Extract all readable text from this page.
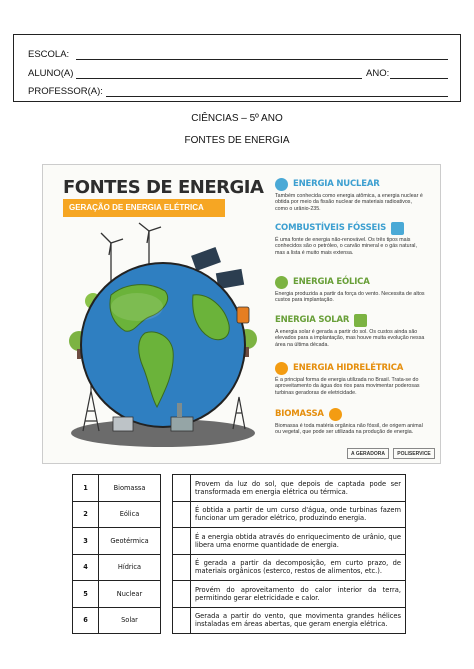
ESCOLA:
ALUNO(A)	ANO:
PROFESSOR(A):
CIÊNCIAS – 5º ANO
FONTES DE ENERGIA
FONTES DE ENERGIA
GERAÇÃO DE ENERGIA ELÉTRICA
ENERGIA NUCLEAR
Também conhecida como energia atômica, a energia nuclear é obtida por meio da fissão nuclear de materiais radioativos, como o urânio-235.
COMBUSTÍVEIS FÓSSEIS
É uma fonte de energia não-renovável. Os três tipos mais conhecidos são o petróleo, o carvão mineral e o gás natural, mas a lista é muito mais extensa.
ENERGIA EÓLICA
Energia produzida a partir da força do vento. Necessita de altos custos para implantação.
ENERGIA SOLAR
A energia solar é gerada a partir do sol. Os custos ainda são elevados para a implantação, mas houve muita evolução nessa área na última década.
ENERGIA HIDRELÉTRICA
É a principal forma de energia utilizada no Brasil. Trata-se do aproveitamento da água dos rios para movimentar poderosas turbinas geradoras de eletricidade.
BIOMASSA
Biomassa é toda matéria orgânica não fóssil, de origem animal ou vegetal, que pode ser utilizada na produção de energia.
A GERADORA	POLISERVICE
1	Biomassa			Provem da luz do sol, que depois de captada pode ser transformada em energia elétrica ou térmica.
2	Eólica			É obtida a partir de um curso d'água, onde turbinas fazem funcionar um gerador elétrico, produzindo energia.
3	Geotérmica			É a energia obtida através do enriquecimento de urânio, que libera uma enorme quantidade de energia.
4	Hídrica			É gerada a partir da decomposição, em curto prazo, de materiais orgânicos (esterco, restos de alimentos, etc.).
5	Nuclear			Provém do aproveitamento do calor interior da terra, permitindo gerar eletricidade e calor.
6	Solar			Gerada a partir do vento, que movimenta grandes hélices instaladas em áreas abertas, que geram energia elétrica.
